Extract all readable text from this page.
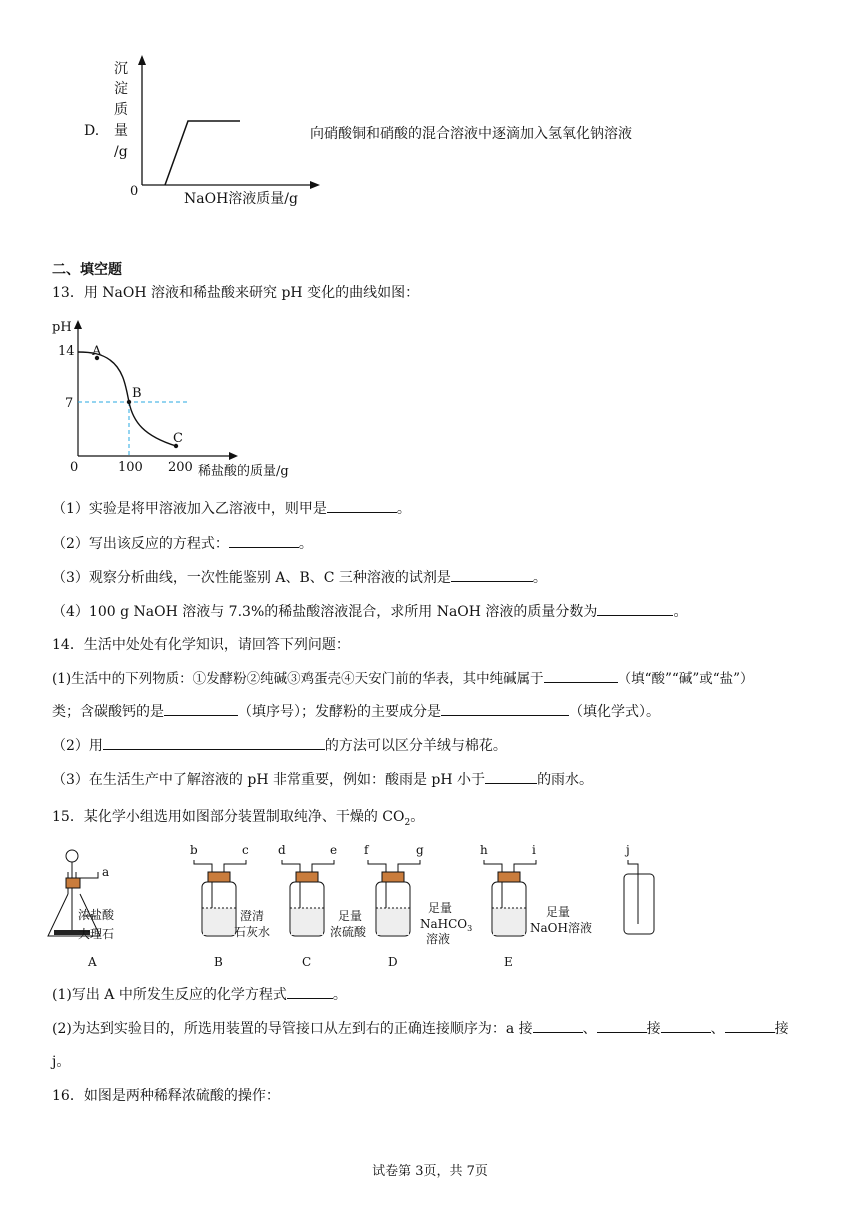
D.
沉
淀
质
量
/g
0	NaOH溶液质量/g
向硝酸铜和硝酸的混合溶液中逐滴加入氢氧化钠溶液
二、填空题
13．用 NaOH 溶液和稀盐酸来研究 pH 变化的曲线如图：
pH
A
B
C
14
7
0	100 200 稀盐酸的质量/g
（1）实验是将甲溶液加入乙溶液中，则甲是	。
（2）写出该反应的方程式：	。
（3）观察分析曲线，一次性能鉴别 A、B、C 三种溶液的试剂是	。
（4）100 g NaOH 溶液与 7.3%的稀盐酸溶液混合，求所用 NaOH 溶液的质量分数为	。
14．生活中处处有化学知识，请回答下列问题：
(1)生活中的下列物质：①发酵粉②纯碱③鸡蛋壳④天安门前的华表，其中纯碱属于	（填“酸”“碱”或“盐”）
类；含碳酸钙的是	（填序号）；发酵粉的主要成分是	（填化学式）。
（2）用	的方法可以区分羊绒与棉花。
（3）在生活生产中了解溶液的 pH 非常重要，例如：酸雨是 pH 小于	的雨水。
15．某化学小组选用如图部分装置制取纯净、干燥的 $CO_2$。
a
浓盐酸
大理石
A
b	c
澄清
石灰水
B
d	e
足量
浓硫酸
C
f	g
足量
NaHCO$_3$
溶液
D
h	i
足量
NaOH溶液
E
j
(1)写出 A 中所发生反应的化学方程式	。
(2)为达到实验目的，所选用装置的导管接口从左到右的正确连接顺序为：a 接	、	接	、	接
j。
16．如图是两种稀释浓硫酸的操作：
试卷第 3页，共 7页
